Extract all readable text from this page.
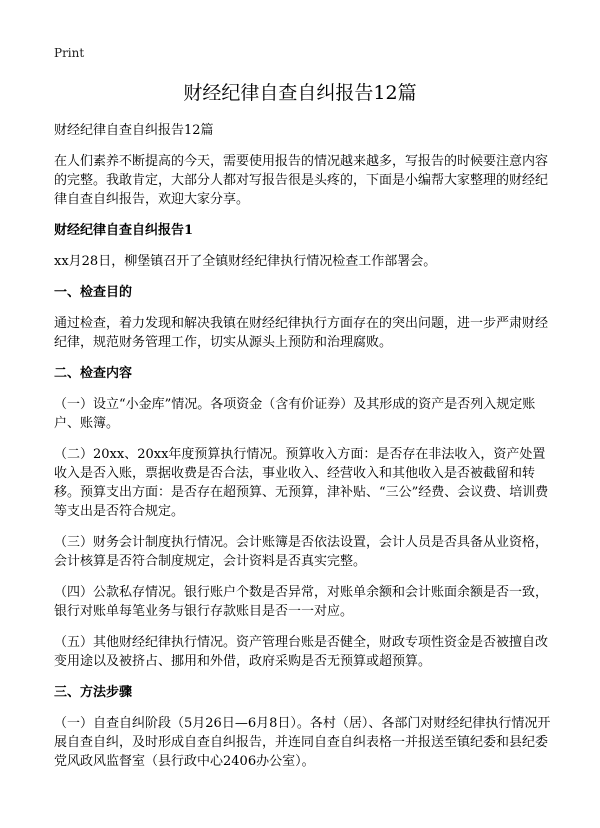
Print
财经纪律自查自纠报告12篇

财经纪律自查自纠报告12篇

在人们素养不断提高的今天，需要使用报告的情况越来越多，写报告的时候要注意内容的完整。我敢肯定，大部分人都对写报告很是头疼的，下面是小编帮大家整理的财经纪律自查自纠报告，欢迎大家分享。

财经纪律自查自纠报告1

xx月28日，柳堡镇召开了全镇财经纪律执行情况检查工作部署会。

一、检查目的

通过检查，着力发现和解决我镇在财经纪律执行方面存在的突出问题，进一步严肃财经纪律，规范财务管理工作，切实从源头上预防和治理腐败。

二、检查内容

（一）设立“小金库”情况。各项资金（含有价证券）及其形成的资产是否列入规定账户、账簿。

（二）20xx、20xx年度预算执行情况。预算收入方面：是否存在非法收入，资产处置收入是否入账，票据收费是否合法，事业收入、经营收入和其他收入是否被截留和转移。预算支出方面：是否存在超预算、无预算，津补贴、“三公”经费、会议费、培训费等支出是否符合规定。

（三）财务会计制度执行情况。会计账簿是否依法设置，会计人员是否具备从业资格，会计核算是否符合制度规定，会计资料是否真实完整。

（四）公款私存情况。银行账户个数是否异常，对账单余额和会计账面余额是否一致，银行对账单每笔业务与银行存款账目是否一一对应。

（五）其他财经纪律执行情况。资产管理台账是否健全，财政专项性资金是否被擅自改变用途以及被挤占、挪用和外借，政府采购是否无预算或超预算。

三、方法步骤

（一）自查自纠阶段（5月26日—6月8日）。各村（居）、各部门对财经纪律执行情况开展自查自纠，及时形成自查自纠报告，并连同自查自纠表格一并报送至镇纪委和县纪委党风政风监督室（县行政中心2406办公室）。
